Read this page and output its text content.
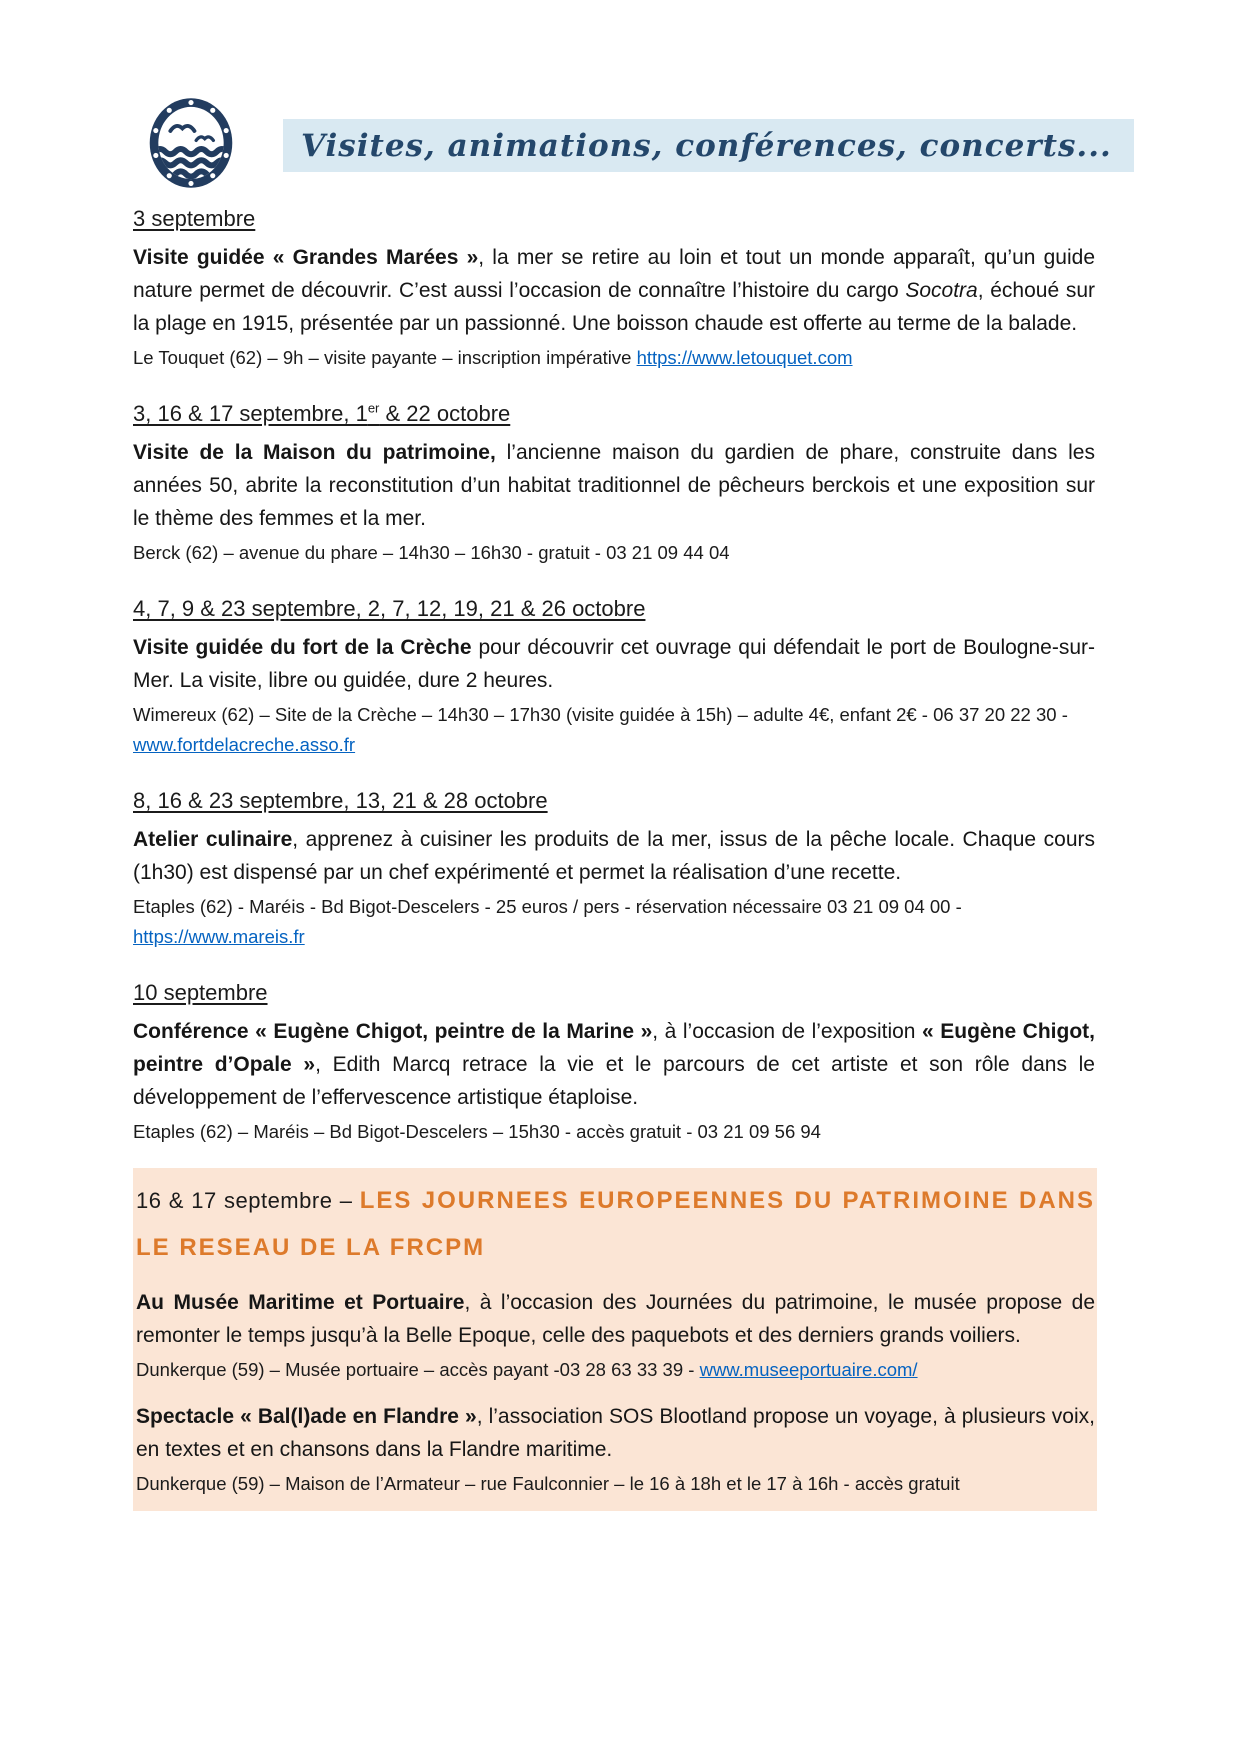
Visites, animations, conférences, concerts...

3 septembre

Visite guidée « Grandes Marées », la mer se retire au loin et tout un monde apparaît, qu’un guide nature permet de découvrir. C’est aussi l’occasion de connaître l’histoire du cargo Socotra, échoué sur la plage en 1915, présentée par un passionné. Une boisson chaude est offerte au terme de la balade.

Le Touquet (62) – 9h – visite payante – inscription impérative https://www.letouquet.com

3, 16 & 17 septembre, 1er & 22 octobre

Visite de la Maison du patrimoine, l’ancienne maison du gardien de phare, construite dans les années 50, abrite la reconstitution d’un habitat traditionnel de pêcheurs berckois et une exposition sur le thème des femmes et la mer.

Berck (62) – avenue du phare – 14h30 – 16h30 - gratuit - 03 21 09 44 04

4, 7, 9 & 23 septembre, 2, 7, 12, 19, 21 & 26 octobre

Visite guidée du fort de la Crèche pour découvrir cet ouvrage qui défendait le port de Boulogne-sur-Mer. La visite, libre ou guidée, dure 2 heures.

Wimereux (62) – Site de la Crèche – 14h30 – 17h30 (visite guidée à 15h) – adulte 4€, enfant 2€ - 06 37 20 22 30 - www.fortdelacreche.asso.fr

8, 16 & 23 septembre, 13, 21 & 28 octobre

Atelier culinaire, apprenez à cuisiner les produits de la mer, issus de la pêche locale. Chaque cours (1h30) est dispensé par un chef expérimenté et permet la réalisation d’une recette.

Etaples (62) - Maréis - Bd Bigot-Descelers - 25 euros / pers - réservation nécessaire 03 21 09 04 00 - https://www.mareis.fr

10 septembre

Conférence « Eugène Chigot, peintre de la Marine », à l’occasion de l’exposition « Eugène Chigot, peintre d’Opale », Edith Marcq retrace la vie et le parcours de cet artiste et son rôle dans le développement de l’effervescence artistique étaploise.

Etaples (62) – Maréis – Bd Bigot-Descelers – 15h30 - accès gratuit - 03 21 09 56 94

16 & 17 septembre – LES JOURNEES EUROPEENNES DU PATRIMOINE DANS LE RESEAU DE LA FRCPM

Au Musée Maritime et Portuaire, à l’occasion des Journées du patrimoine, le musée propose de remonter le temps jusqu’à la Belle Epoque, celle des paquebots et des derniers grands voiliers.

Dunkerque (59) – Musée portuaire – accès payant -03 28 63 33 39 - www.museeportuaire.com/

Spectacle « Bal(l)ade en Flandre », l’association SOS Blootland propose un voyage, à plusieurs voix, en textes et en chansons dans la Flandre maritime.

Dunkerque (59) – Maison de l’Armateur – rue Faulconnier – le 16 à 18h et le 17 à 16h - accès gratuit
